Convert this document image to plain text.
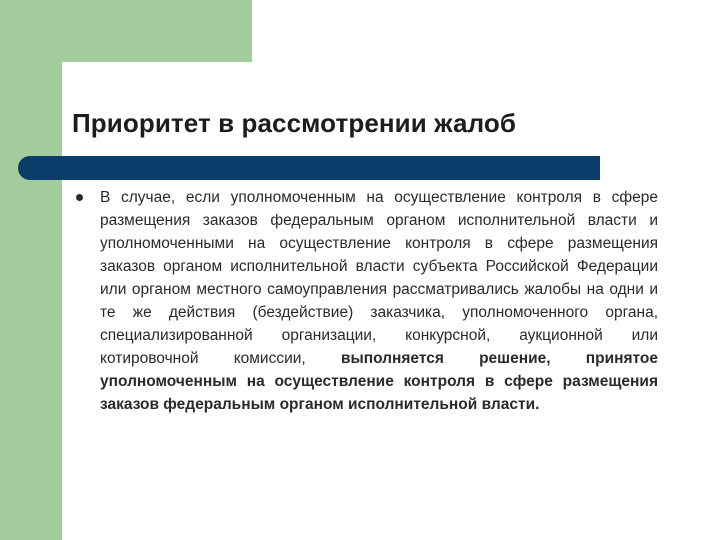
Приоритет в рассмотрении жалоб

В случае, если уполномоченным на осуществление контроля в сфере размещения заказов федеральным органом исполнительной власти и уполномоченными на осуществление контроля в сфере размещения заказов органом исполнительной власти субъекта Российской Федерации или органом местного самоуправления рассматривались жалобы на одни и те же действия (бездействие) заказчика, уполномоченного органа, специализированной организации, конкурсной, аукционной или котировочной комиссии, выполняется решение, принятое уполномоченным на осуществление контроля в сфере размещения заказов федеральным органом исполнительной власти.
